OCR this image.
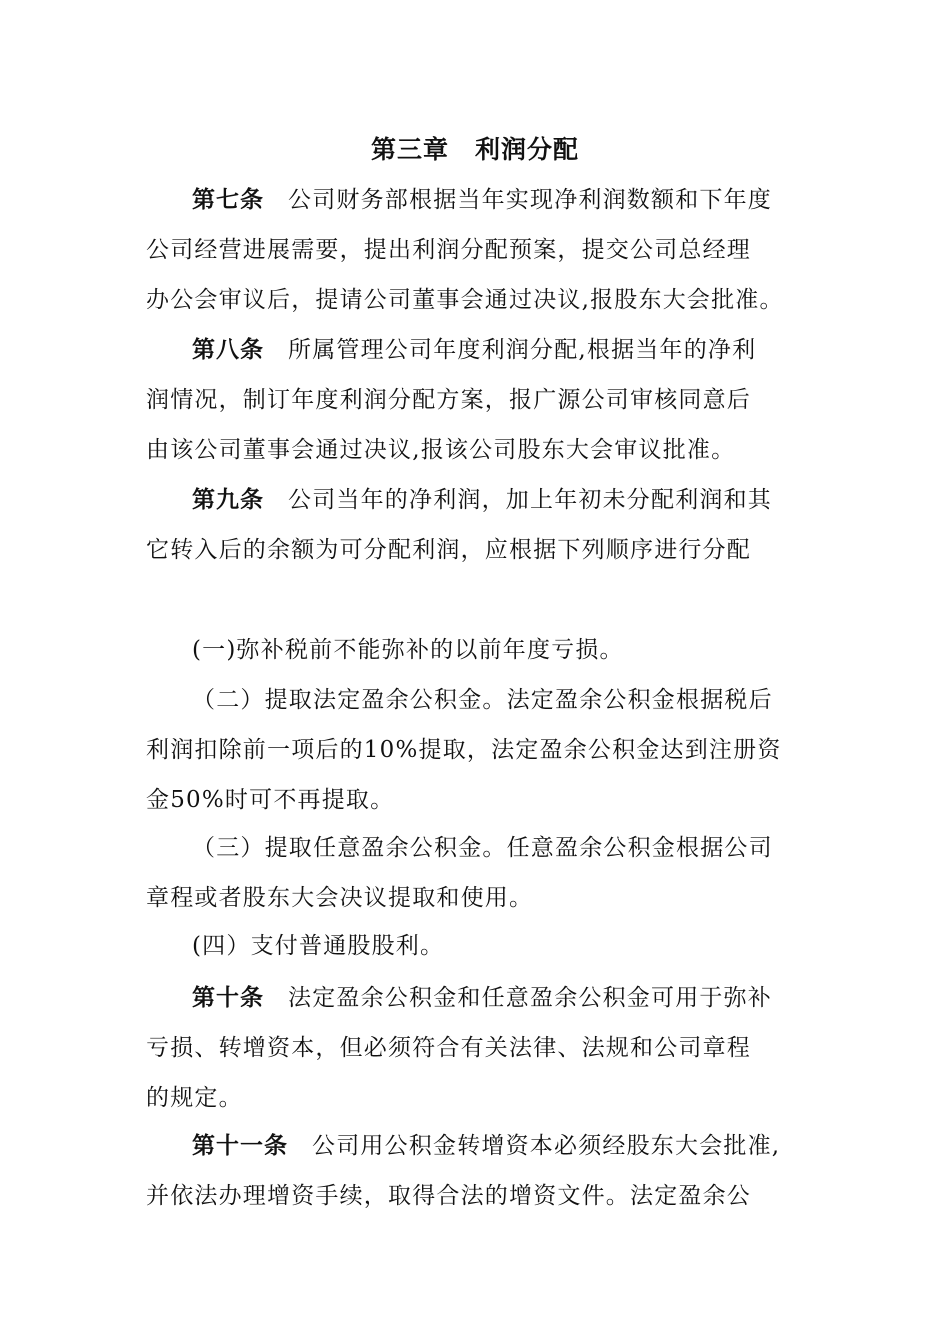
第三章 利润分配
第七条 公司财务部根据当年实现净利润数额和下年度
公司经营进展需要，提出利润分配预案，提交公司总经理
办公会审议后，提请公司董事会通过决议,报股东大会批准。
第八条 所属管理公司年度利润分配,根据当年的净利
润情况，制订年度利润分配方案，报广源公司审核同意后
由该公司董事会通过决议,报该公司股东大会审议批准。
第九条 公司当年的净利润，加上年初未分配利润和其
它转入后的余额为可分配利润，应根据下列顺序进行分配
(一)弥补税前不能弥补的以前年度亏损。
（二）提取法定盈余公积金。法定盈余公积金根据税后
利润扣除前一项后的10%提取，法定盈余公积金达到注册资
金50%时可不再提取。
（三）提取任意盈余公积金。任意盈余公积金根据公司
章程或者股东大会决议提取和使用。
(四）支付普通股股利。
第十条 法定盈余公积金和任意盈余公积金可用于弥补
亏损、转增资本，但必须符合有关法律、法规和公司章程
的规定。
第十一条 公司用公积金转增资本必须经股东大会批准,
并依法办理增资手续，取得合法的增资文件。法定盈余公
